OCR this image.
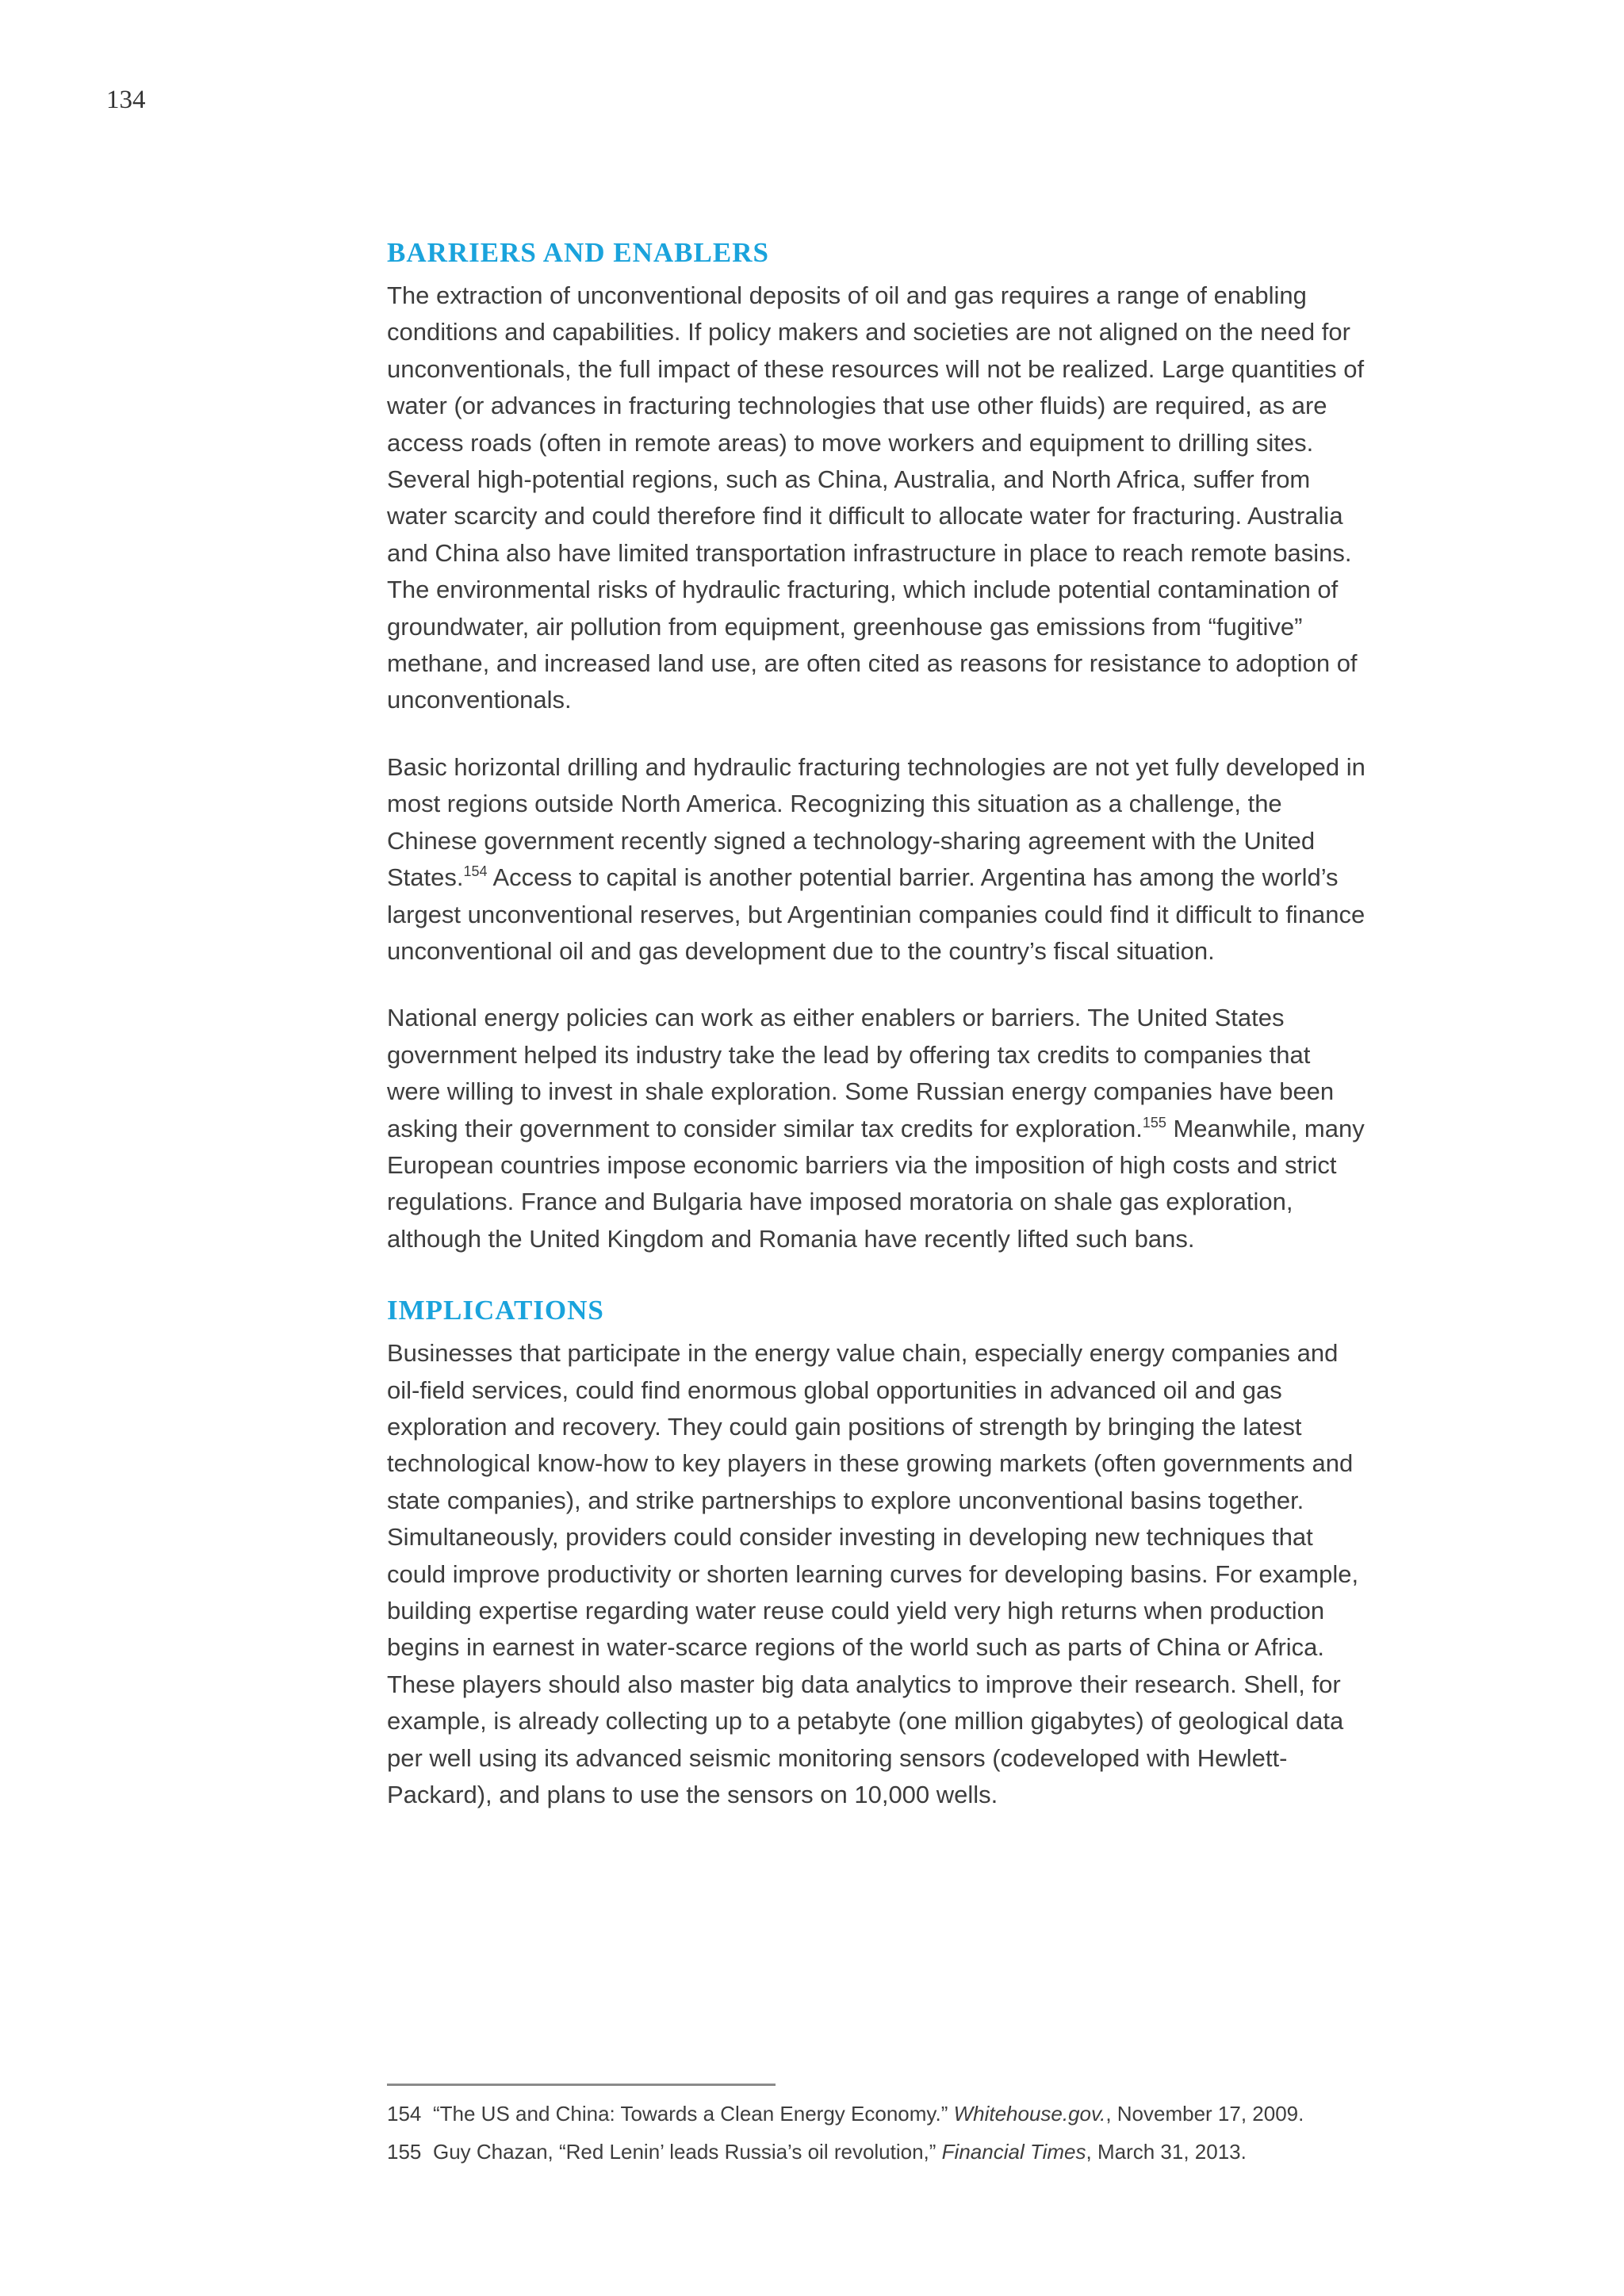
134
BARRIERS AND ENABLERS

The extraction of unconventional deposits of oil and gas requires a range of enabling conditions and capabilities. If policy makers and societies are not aligned on the need for unconventionals, the full impact of these resources will not be realized. Large quantities of water (or advances in fracturing technologies that use other fluids) are required, as are access roads (often in remote areas) to move workers and equipment to drilling sites. Several high-potential regions, such as China, Australia, and North Africa, suffer from water scarcity and could therefore find it difficult to allocate water for fracturing. Australia and China also have limited transportation infrastructure in place to reach remote basins. The environmental risks of hydraulic fracturing, which include potential contamination of groundwater, air pollution from equipment, greenhouse gas emissions from “fugitive” methane, and increased land use, are often cited as reasons for resistance to adoption of unconventionals.

Basic horizontal drilling and hydraulic fracturing technologies are not yet fully developed in most regions outside North America. Recognizing this situation as a challenge, the Chinese government recently signed a technology-sharing agreement with the United States.$^{154}$ Access to capital is another potential barrier. Argentina has among the world’s largest unconventional reserves, but Argentinian companies could find it difficult to finance unconventional oil and gas development due to the country’s fiscal situation.

National energy policies can work as either enablers or barriers. The United States government helped its industry take the lead by offering tax credits to companies that were willing to invest in shale exploration. Some Russian energy companies have been asking their government to consider similar tax credits for exploration.$^{155}$ Meanwhile, many European countries impose economic barriers via the imposition of high costs and strict regulations. France and Bulgaria have imposed moratoria on shale gas exploration, although the United Kingdom and Romania have recently lifted such bans.

IMPLICATIONS

Businesses that participate in the energy value chain, especially energy companies and oil-field services, could find enormous global opportunities in advanced oil and gas exploration and recovery. They could gain positions of strength by bringing the latest technological know-how to key players in these growing markets (often governments and state companies), and strike partnerships to explore unconventional basins together. Simultaneously, providers could consider investing in developing new techniques that could improve productivity or shorten learning curves for developing basins. For example, building expertise regarding water reuse could yield very high returns when production begins in earnest in water-scarce regions of the world such as parts of China or Africa. These players should also master big data analytics to improve their research. Shell, for example, is already collecting up to a petabyte (one million gigabytes) of geological data per well using its advanced seismic monitoring sensors (codeveloped with Hewlett-Packard), and plans to use the sensors on 10,000 wells.

154 “The US and China: Towards a Clean Energy Economy.” Whitehouse.gov., November 17, 2009.
155 Guy Chazan, “Red Lenin’ leads Russia’s oil revolution,” Financial Times, March 31, 2013.
